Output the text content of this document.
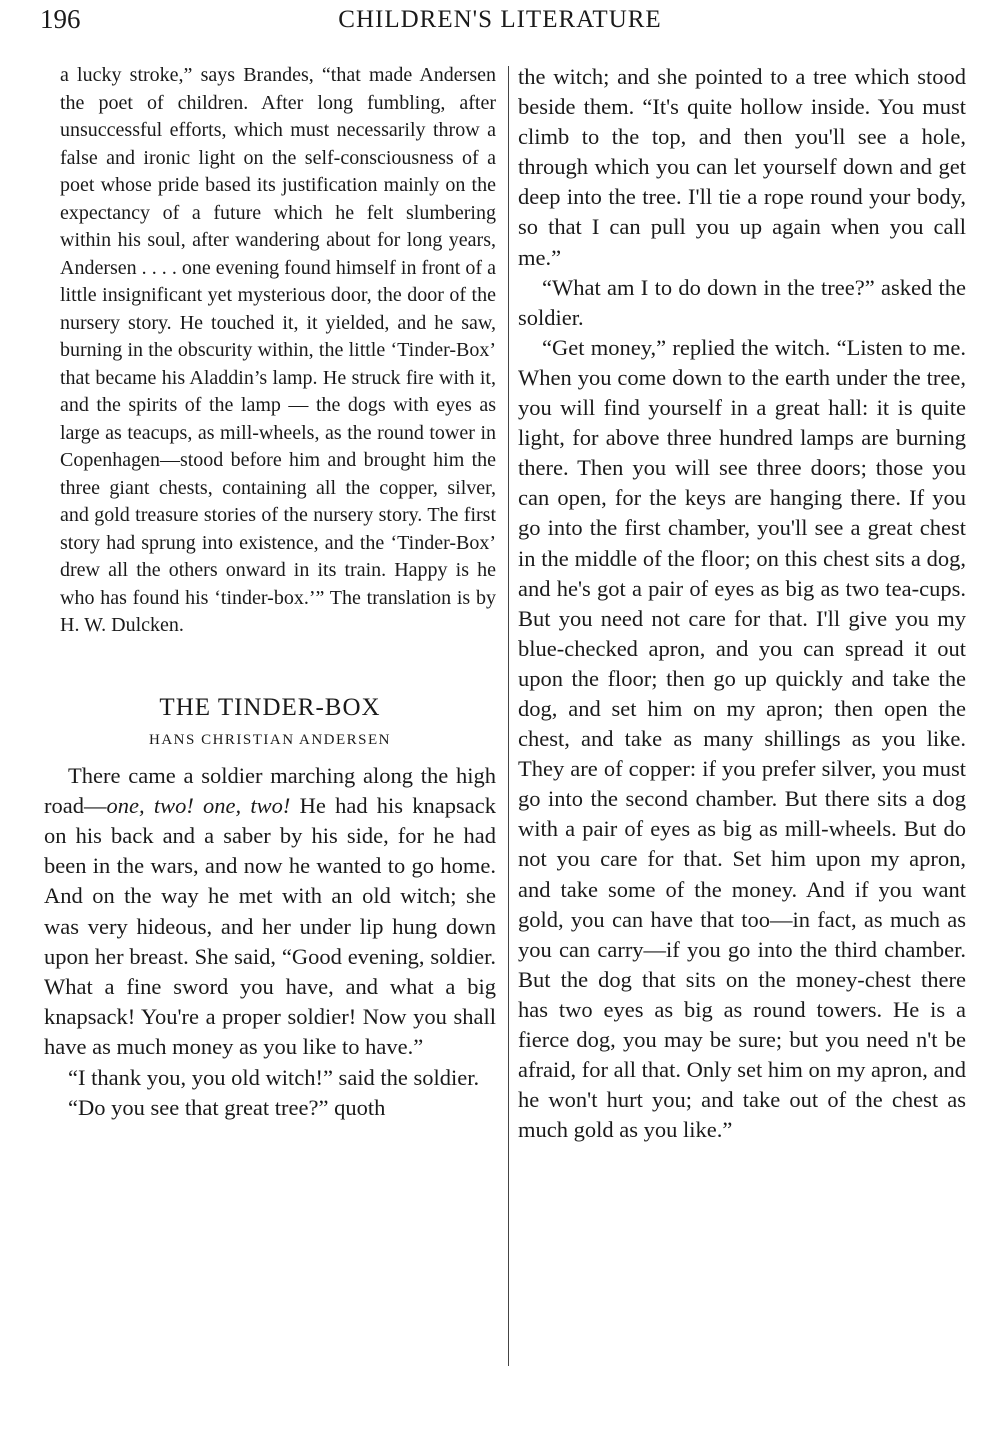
196	CHILDREN'S LITERATURE

a lucky stroke,” says Brandes, “that made Andersen the poet of children. After long fumbling, after unsuccessful efforts, which must necessarily throw a false and ironic light on the self-consciousness of a poet whose pride based its justification mainly on the expectancy of a future which he felt slumbering within his soul, after wandering about for long years, Andersen . . . . one evening found himself in front of a little insignificant yet mysterious door, the door of the nursery story. He touched it, it yielded, and he saw, burning in the obscurity within, the little ‘Tinder-Box’ that became his Aladdin’s lamp. He struck fire with it, and the spirits of the lamp — the dogs with eyes as large as teacups, as mill-wheels, as the round tower in Copenhagen—stood before him and brought him the three giant chests, containing all the copper, silver, and gold treasure stories of the nursery story. The first story had sprung into existence, and the ‘Tinder-Box’ drew all the others onward in its train. Happy is he who has found his ‘tinder-box.’” The translation is by H. W. Dulcken.

THE TINDER-BOX
HANS CHRISTIAN ANDERSEN

There came a soldier marching along the high road—one, two! one, two! He had his knapsack on his back and a saber by his side, for he had been in the wars, and now he wanted to go home. And on the way he met with an old witch; she was very hideous, and her under lip hung down upon her breast. She said, “Good evening, soldier. What a fine sword you have, and what a big knapsack! You're a proper soldier! Now you shall have as much money as you like to have.”

“I thank you, you old witch!” said the soldier.

“Do you see that great tree?” quoth

the witch; and she pointed to a tree which stood beside them. “It's quite hollow inside. You must climb to the top, and then you'll see a hole, through which you can let yourself down and get deep into the tree. I'll tie a rope round your body, so that I can pull you up again when you call me.”

“What am I to do down in the tree?” asked the soldier.

“Get money,” replied the witch. “Listen to me. When you come down to the earth under the tree, you will find yourself in a great hall: it is quite light, for above three hundred lamps are burning there. Then you will see three doors; those you can open, for the keys are hanging there. If you go into the first chamber, you'll see a great chest in the middle of the floor; on this chest sits a dog, and he's got a pair of eyes as big as two tea-cups. But you need not care for that. I'll give you my blue-checked apron, and you can spread it out upon the floor; then go up quickly and take the dog, and set him on my apron; then open the chest, and take as many shillings as you like. They are of copper: if you prefer silver, you must go into the second chamber. But there sits a dog with a pair of eyes as big as mill-wheels. But do not you care for that. Set him upon my apron, and take some of the money. And if you want gold, you can have that too—in fact, as much as you can carry—if you go into the third chamber. But the dog that sits on the money-chest there has two eyes as big as round towers. He is a fierce dog, you may be sure; but you need n't be afraid, for all that. Only set him on my apron, and he won't hurt you; and take out of the chest as much gold as you like.”
